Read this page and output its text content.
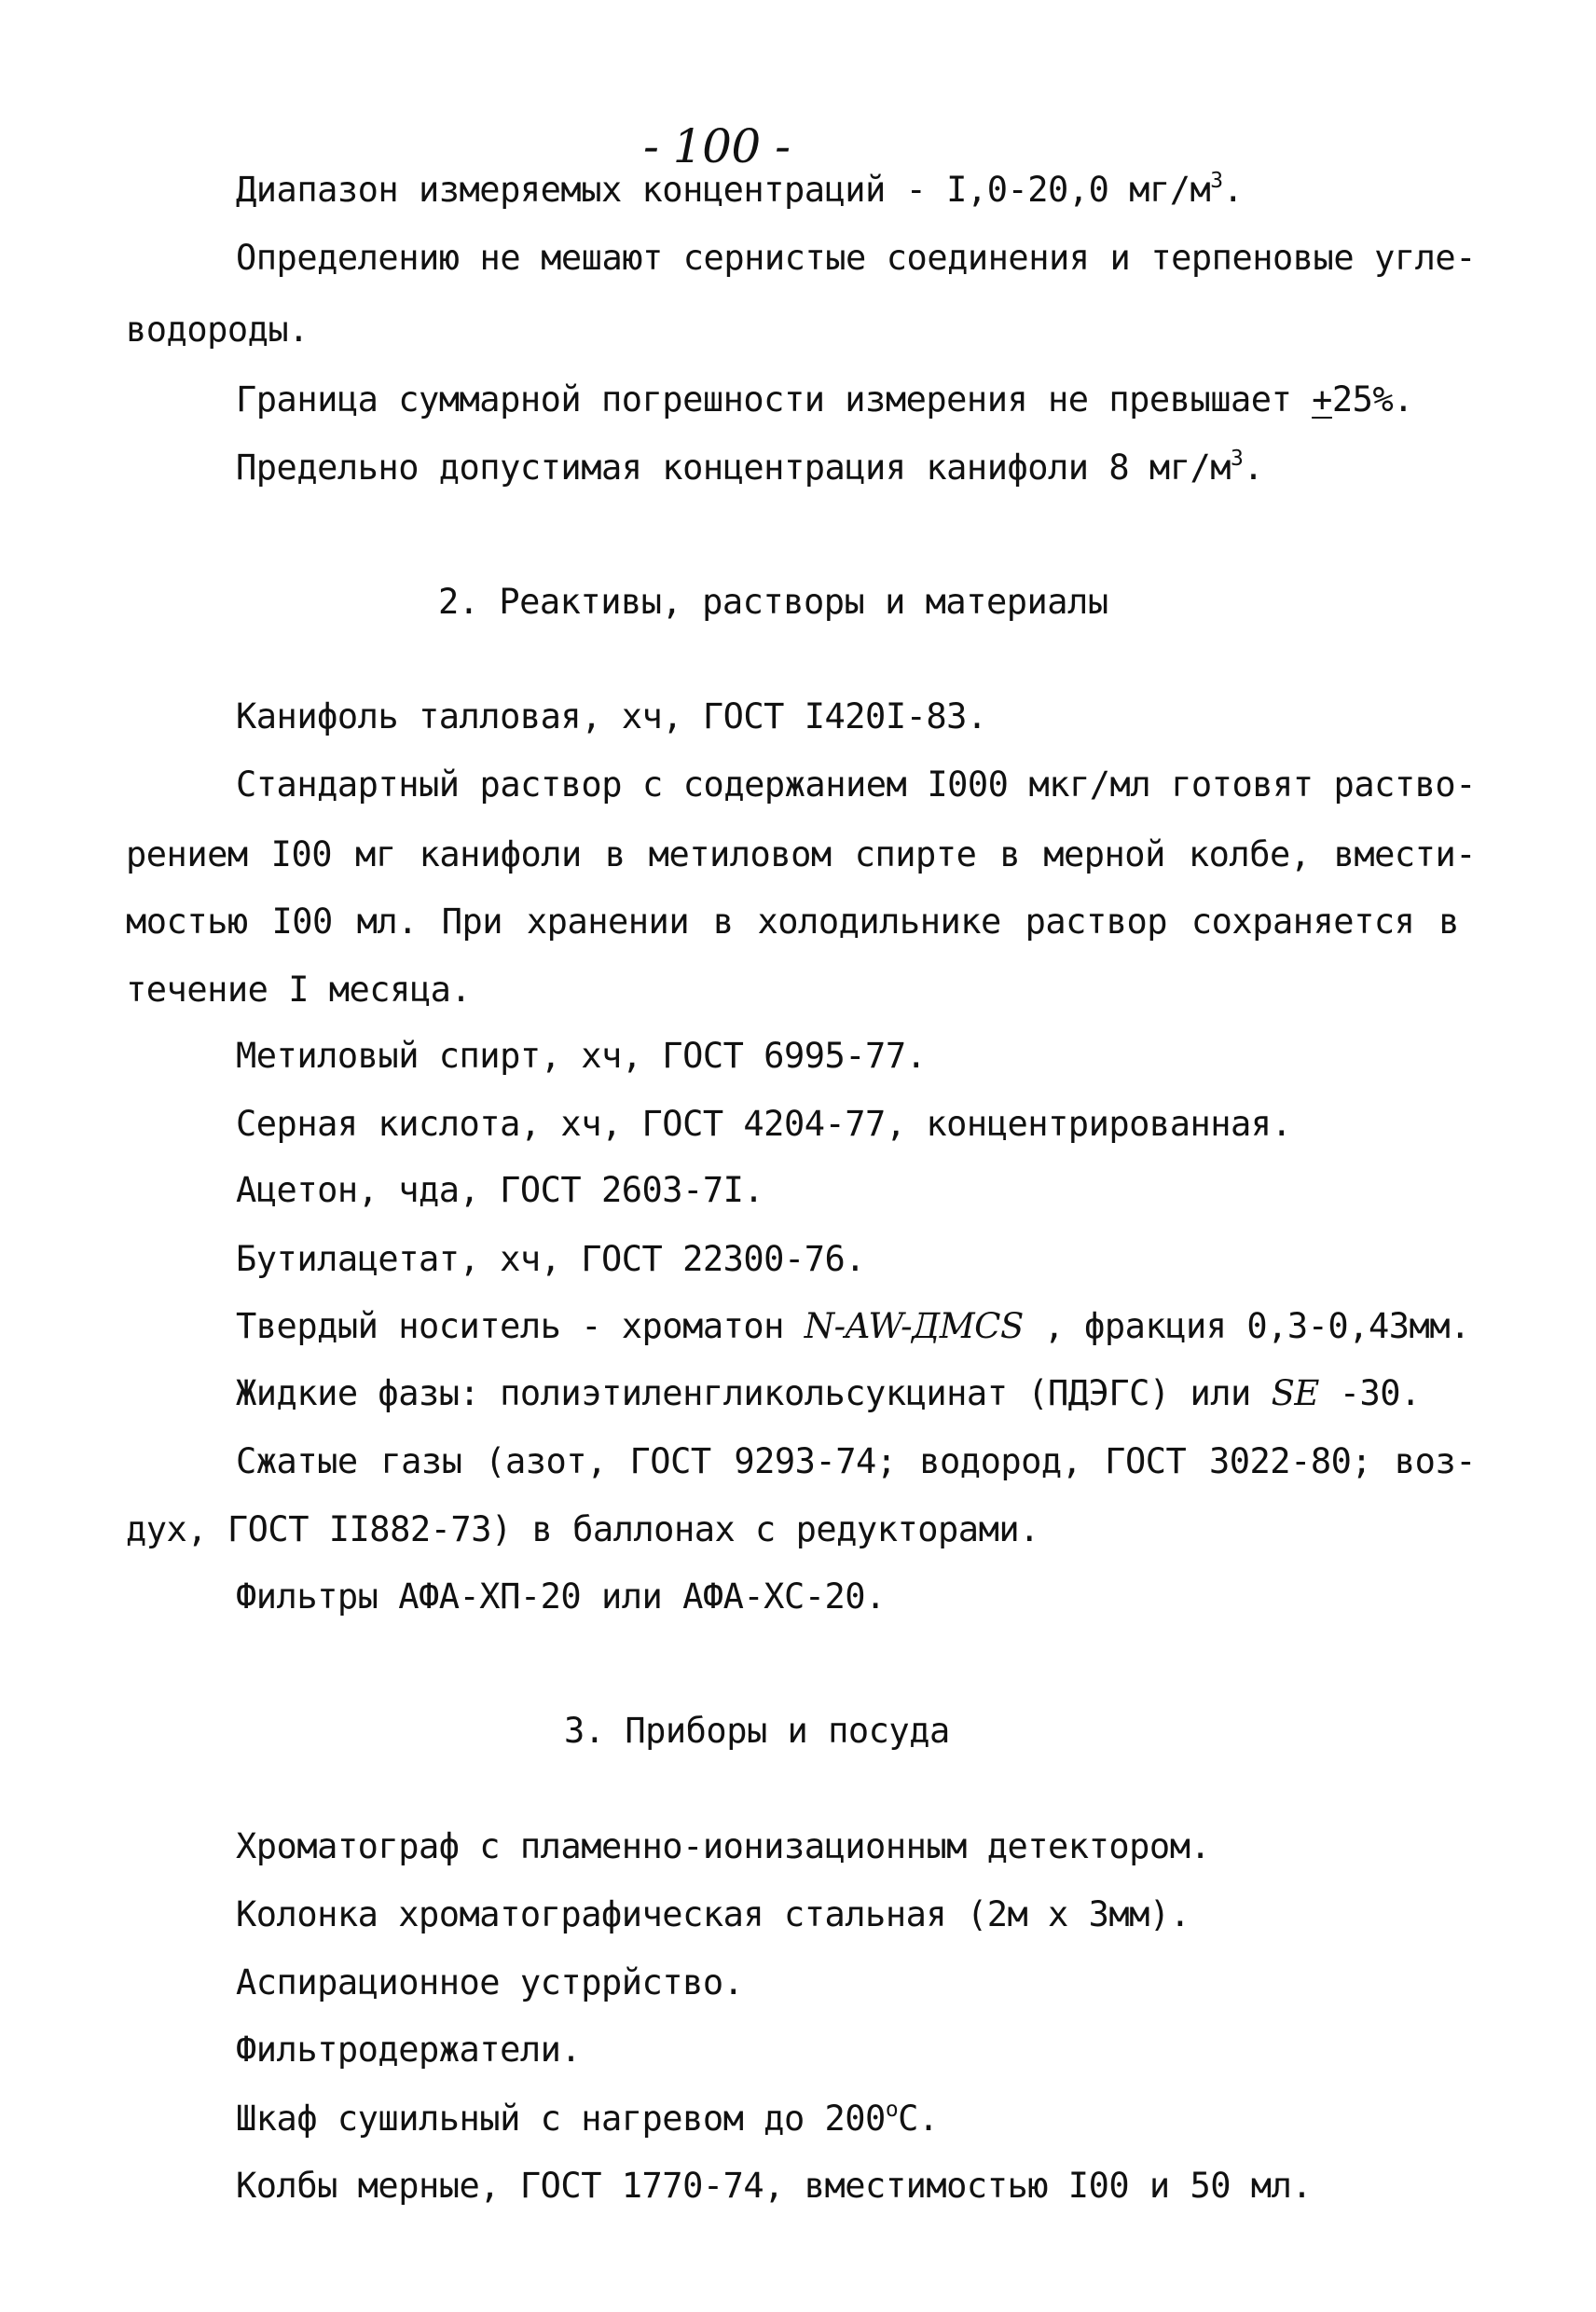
- 100 -
Диапазон измеряемых концентраций - I,0-20,0 $мг/м^3$.
Определению не мешают сернистые соединения и терпеновые угле-
водороды.
Граница суммарной погрешности измерения не превышает +25%.
Предельно допустимая концентрация канифоли 8 $мг/м^3$.
2. Реактивы, растворы и материалы
Канифоль талловая, хч, ГОСТ I420I-83.
Стандартный раствор с содержанием I000 мкг/мл готовят раство-
рением I00 мг канифоли в метиловом спирте в мерной колбе, вмести-
мостью I00 мл. При хранении в холодильнике раствор сохраняется в
течение I месяца.
Метиловый спирт, хч, ГОСТ 6995-77.
Серная кислота, хч, ГОСТ 4204-77, концентрированная.
Ацетон, чда, ГОСТ 2603-7I.
Бутилацетат, хч, ГОСТ 22300-76.
Твердый носитель - хроматон N-AW-ДМСS , фракция 0,3-0,43мм.
Жидкие фазы: полиэтиленгликольсукцинат (ПДЭГС) или SE -30.
Сжатые газы (азот, ГОСТ 9293-74; водород, ГОСТ 3022-80; воз-
дух, ГОСТ II882-73) в баллонах с редукторами.
Фильтры АФА-ХП-20 или АФА-ХС-20.
3. Приборы и посуда
Хроматограф с пламенно-ионизационным детектором.
Колонка хроматографическая стальная (2м х 3мм).
Аспирационное устррйство.
Фильтродержатели.
Шкаф сушильный с нагревом до $200^оС$.
Колбы мерные, ГОСТ 1770-74, вместимостью I00 и 50 мл.
